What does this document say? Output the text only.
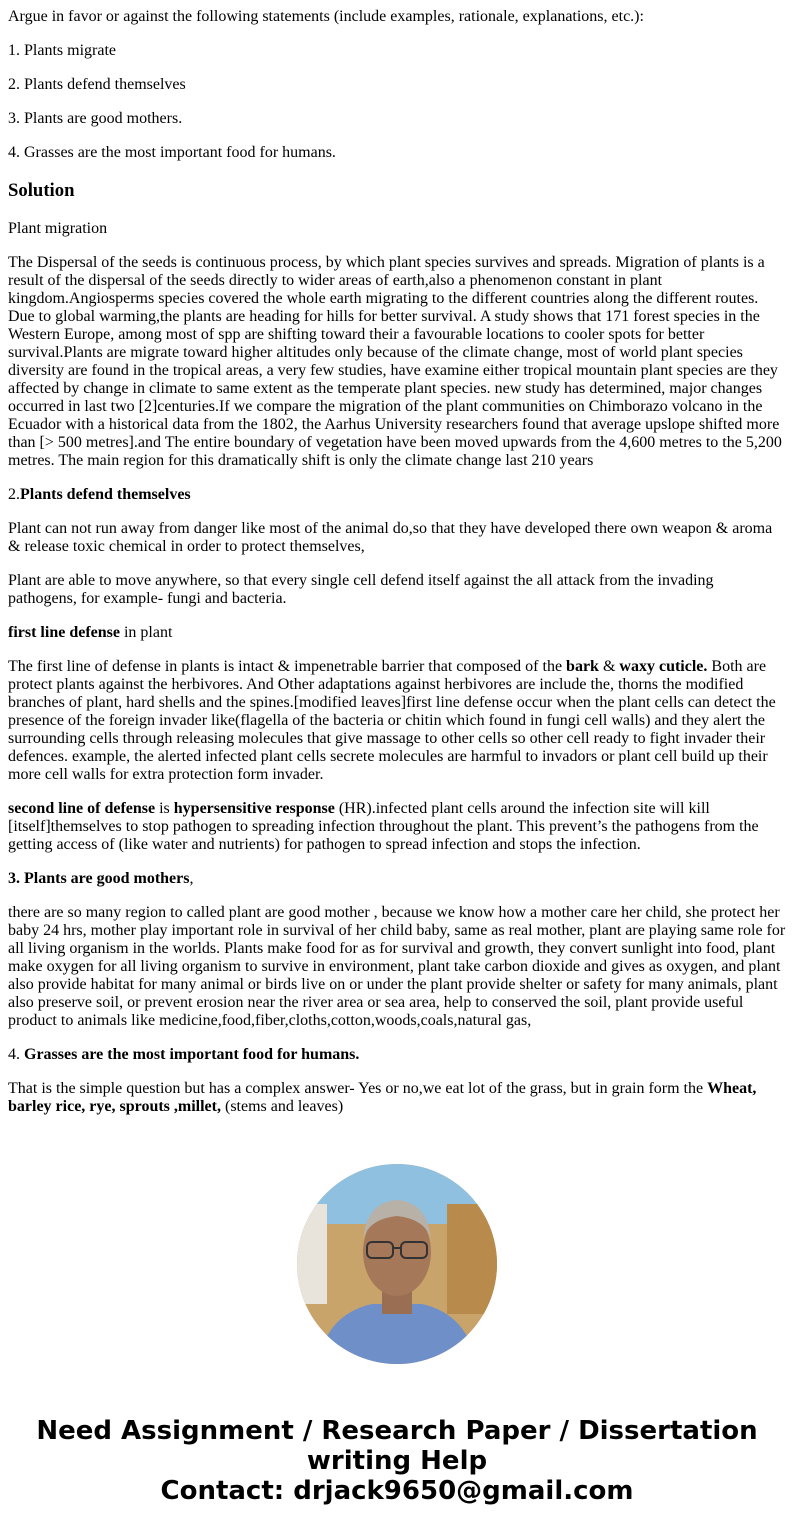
Argue in favor or against the following statements (include examples, rationale, explanations, etc.):

1. Plants migrate

2. Plants defend themselves

3. Plants are good mothers.

4. Grasses are the most important food for humans.

Solution

Plant migration

The Dispersal of the seeds is continuous process, by which plant species survives and spreads. Migration of plants is a result of the dispersal of the seeds directly to wider areas of earth,also a phenomenon constant in plant kingdom.Angiosperms species covered the whole earth migrating to the different countries along the different routes. Due to global warming,the plants are heading for hills for better survival. A study shows that 171 forest species in the Western Europe, among most of spp are shifting toward their a favourable locations to cooler spots for better survival.Plants are migrate toward higher altitudes only because of the climate change, most of world plant species diversity are found in the tropical areas, a very few studies, have examine either tropical mountain plant species are they affected by change in climate to same extent as the temperate plant species. new study has determined, major changes occurred in last two [2]centuries.If we compare the migration of the plant communities on Chimborazo volcano in the Ecuador with a historical data from the 1802, the Aarhus University researchers found that average upslope shifted more than [> 500 metres].and The entire boundary of vegetation have been moved upwards from the 4,600 metres to the 5,200 metres. The main region for this dramatically shift is only the climate change last 210 years

2.Plants defend themselves

Plant can not run away from danger like most of the animal do,so that they have developed there own weapon & aroma & release toxic chemical in order to protect themselves,

Plant are able to move anywhere, so that every single cell defend itself against the all attack from the invading pathogens, for example- fungi and bacteria.

first line defense in plant

The first line of defense in plants is intact & impenetrable barrier that composed of the bark & waxy cuticle. Both are protect plants against the herbivores. And Other adaptations against herbivores are include the, thorns the modified branches of plant, hard shells and the spines.[modified leaves]first line defense occur when the plant cells can detect the presence of the foreign invader like(flagella of the bacteria or chitin which found in fungi cell walls) and they alert the surrounding cells through releasing molecules that give massage to other cells so other cell ready to fight invader their defences. example, the alerted infected plant cells secrete molecules are harmful to invadors or plant cell build up their more cell walls for extra protection form invader.

second line of defense is hypersensitive response (HR).infected plant cells around the infection site will kill [itself]themselves to stop pathogen to spreading infection throughout the plant. This prevent’s the pathogens from the getting access of (like water and nutrients) for pathogen to spread infection and stops the infection.

3. Plants are good mothers,

there are so many region to called plant are good mother , because we know how a mother care her child, she protect her baby 24 hrs, mother play important role in survival of her child baby, same as real mother, plant are playing same role for all living organism in the worlds. Plants make food for as for survival and growth, they convert sunlight into food, plant make oxygen for all living organism to survive in environment, plant take carbon dioxide and gives as oxygen, and plant also provide habitat for many animal or birds live on or under the plant provide shelter or safety for many animals, plant also preserve soil, or prevent erosion near the river area or sea area, help to conserved the soil, plant provide useful product to animals like medicine,food,fiber,cloths,cotton,woods,coals,natural gas,

4. Grasses are the most important food for humans.

That is the simple question but has a complex answer- Yes or no,we eat lot of the grass, but in grain form the Wheat, barley rice, rye, sprouts ,millet, (stems and leaves)

Need Assignment / Research Paper / Dissertation writing Help
Contact: drjack9650@gmail.com
